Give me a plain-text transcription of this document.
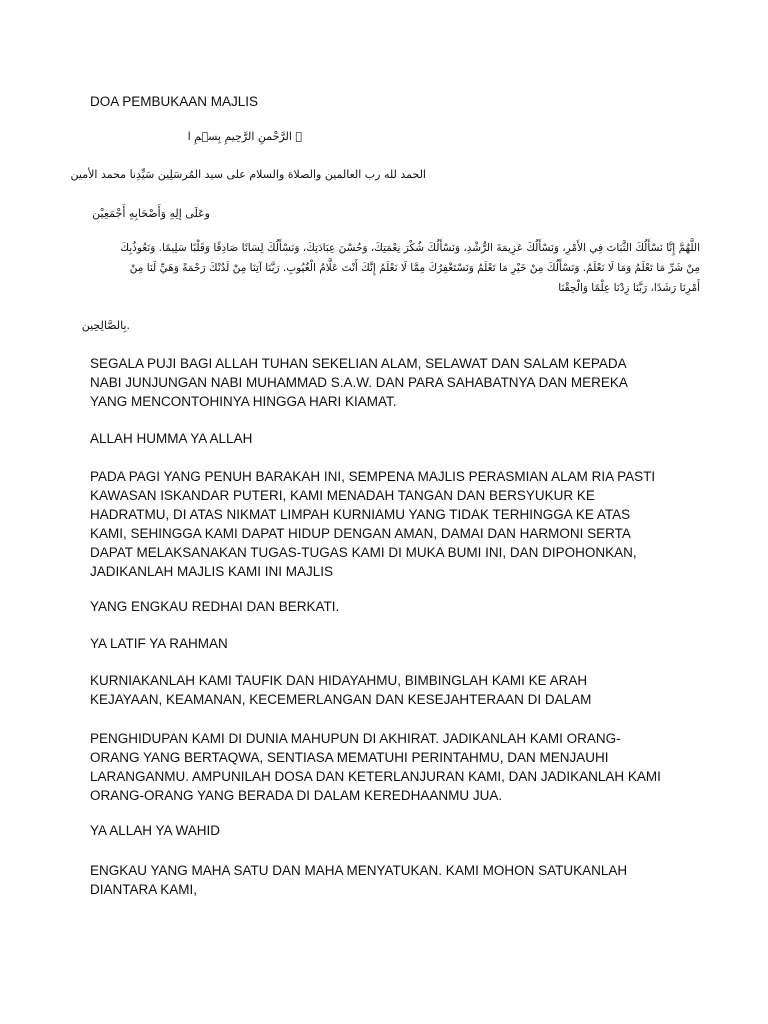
DOA PEMBUKAAN MAJLIS
ﷲ الرَّحْمنِ الرَّحِيمِ بِسۡمِ ا
الحمد لله رب العالمين والصلاة والسلام على سيد المُرسَلِين سَيِّدِنا محمد الأمين
وعَلَى إلِهِ وَأَصْحَابِهِ أَجْمَعِيْن
اللَّهُمَّ إِنَّا نَسْأَلُكَ الثَّبَاتَ فِي الأَمْرِ، وَنَسْأَلُكَ عَزِيمَةَ الرُّشْدِ، وَنَسْأَلُكَ شُكْرَ نِعْمَتِكَ، وَحُسْنَ عِبَادَتِكَ، وَنَسْأَلُكَ لِسَانًا صَادِقًا وَقَلْبًا سَلِيمًا. وَنَعُوذُبِكَ
مِنْ شَرِّ مَا تَعْلَمُ وَمَا لَا نَعْلَمُ. وَنَسْأَلُكَ مِنْ خَيْرِ مَا تَعْلَمُ وَنَسْتَغْفِرُكَ مِمَّا لَا نَعْلَمُ إِنَّكَ أَنْتَ عَلَّامُ الْغُيُوبِ. رَبَّنَا آتِنَا مِنْ لَدُنْكَ رَحْمَةً وَهَيِّ لَنَا مِنْ
أَمْرِنَا رَشَدًا، رَبَّنَا زِدْنَا عِلْمًا وَالْحِقْنَا
.بِالصَّالِحِين
SEGALA PUJI BAGI ALLAH TUHAN SEKELIAN ALAM, SELAWAT DAN SALAM KEPADA
NABI JUNJUNGAN NABI MUHAMMAD S.A.W. DAN PARA SAHABATNYA DAN MEREKA
YANG MENCONTOHINYA HINGGA HARI KIAMAT.
ALLAH HUMMA YA ALLAH
PADA PAGI YANG PENUH BARAKAH INI, SEMPENA MAJLIS PERASMIAN ALAM RIA PASTI
KAWASAN ISKANDAR PUTERI, KAMI MENADAH TANGAN DAN BERSYUKUR KE
HADRATMU, DI ATAS NIKMAT LIMPAH KURNIAMU YANG TIDAK TERHINGGA KE ATAS
KAMI, SEHINGGA KAMI DAPAT HIDUP DENGAN AMAN, DAMAI DAN HARMONI SERTA
DAPAT MELAKSANAKAN TUGAS-TUGAS KAMI DI MUKA BUMI INI, DAN DIPOHONKAN,
JADIKANLAH MAJLIS KAMI INI MAJLIS
YANG ENGKAU REDHAI DAN BERKATI.
YA LATIF YA RAHMAN
KURNIAKANLAH KAMI TAUFIK DAN HIDAYAHMU, BIMBINGLAH KAMI KE ARAH
KEJAYAAN, KEAMANAN, KECEMERLANGAN DAN KESEJAHTERAAN DI DALAM
PENGHIDUPAN KAMI DI DUNIA MAHUPUN DI AKHIRAT. JADIKANLAH KAMI ORANG-
ORANG YANG BERTAQWA, SENTIASA MEMATUHI PERINTAHMU, DAN MENJAUHI
LARANGANMU. AMPUNILAH DOSA DAN KETERLANJURAN KAMI, DAN JADIKANLAH KAMI
ORANG-ORANG YANG BERADA DI DALAM KEREDHAANMU JUA.
YA ALLAH YA WAHID
ENGKAU YANG MAHA SATU DAN MAHA MENYATUKAN. KAMI MOHON SATUKANLAH
DIANTARA KAMI,
